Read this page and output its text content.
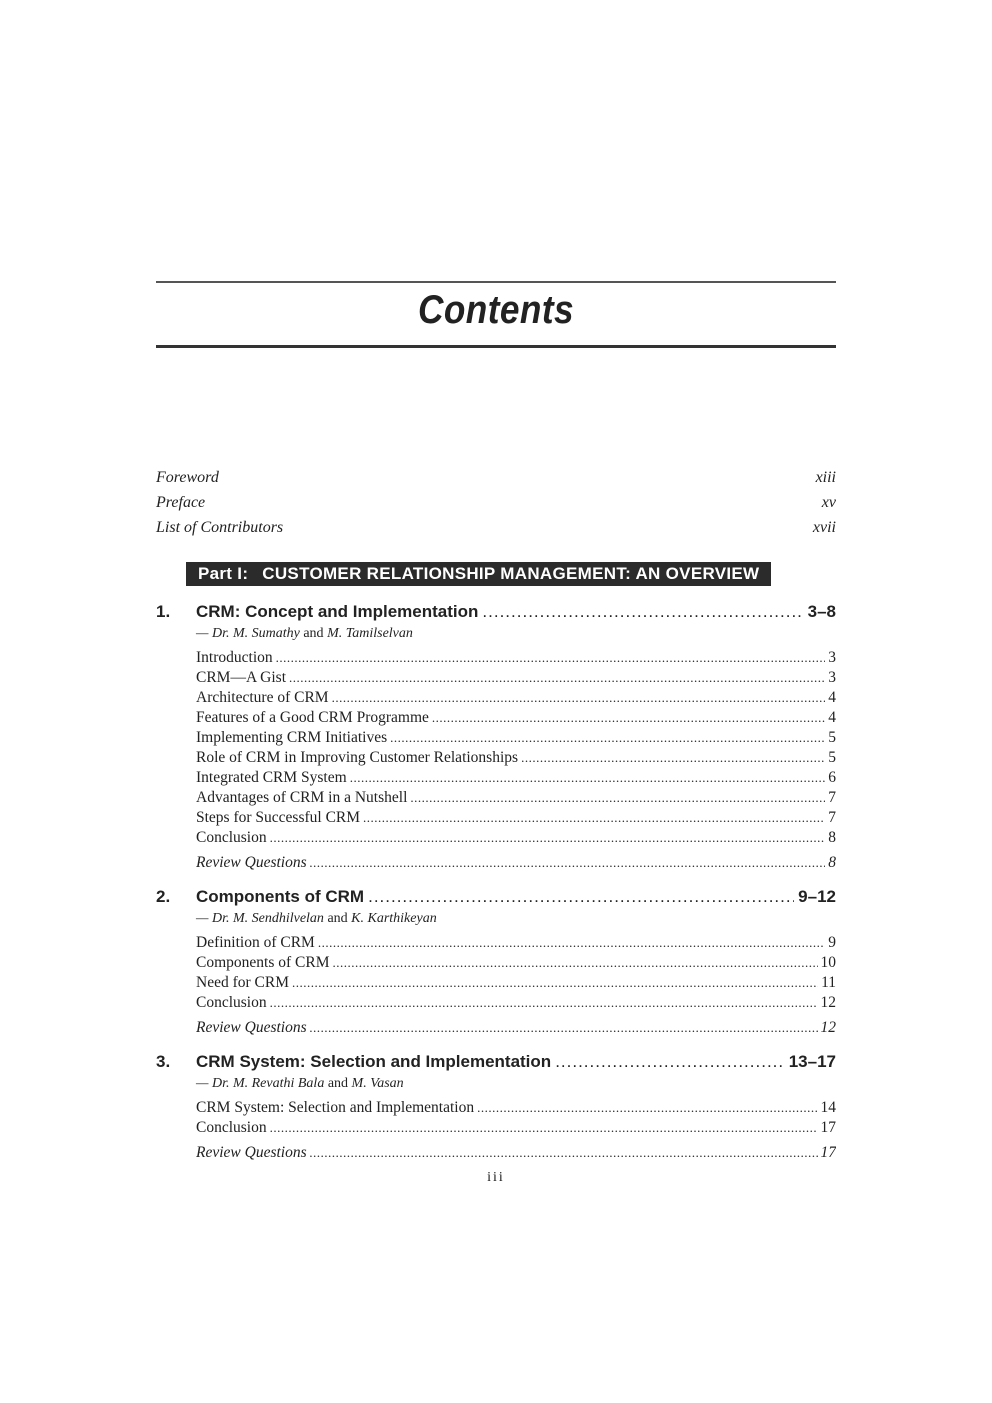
Contents
Foreword	xiii
Preface	xv
List of Contributors	xvii
Part I: CUSTOMER RELATIONSHIP MANAGEMENT: AN OVERVIEW
1. CRM: Concept and Implementation .....	3–8
— Dr. M. Sumathy and M. Tamilselvan
Introduction .....	3
CRM—A Gist .....	3
Architecture of CRM .....	4
Features of a Good CRM Programme .....	4
Implementing CRM Initiatives .....	5
Role of CRM in Improving Customer Relationships .....	5
Integrated CRM System .....	6
Advantages of CRM in a Nutshell .....	7
Steps for Successful CRM .....	7
Conclusion .....	8
Review Questions .....	8
2. Components of CRM .....	9–12
— Dr. M. Sendhilvelan and K. Karthikeyan
Definition of CRM .....	9
Components of CRM .....	10
Need for CRM .....	11
Conclusion .....	12
Review Questions .....	12
3. CRM System: Selection and Implementation .....	13–17
— Dr. M. Revathi Bala and M. Vasan
CRM System: Selection and Implementation .....	14
Conclusion .....	17
Review Questions .....	17
iii
